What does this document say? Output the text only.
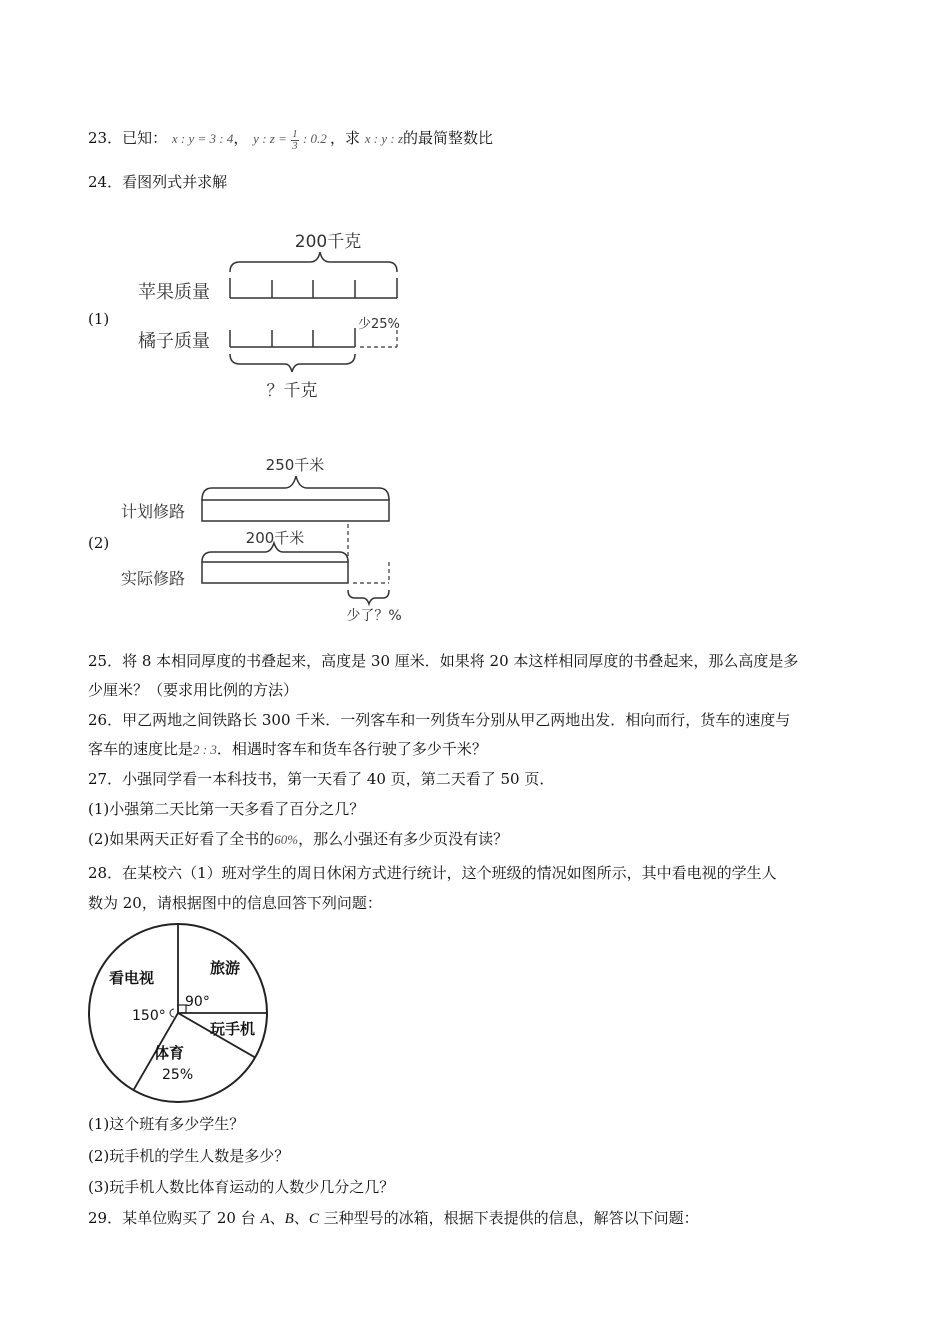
23．已知： x : y = 3 : 4， y : $z = \frac{1}{3}$ : 0.2 ，求 x : y : z的最简整数比
24．看图列式并求解
(1)
200千克
苹果质量
橘子质量
少25%
？千克
(2)
250千米
计划修路
200千米
实际修路
少了？%
25．将 8 本相同厚度的书叠起来，高度是 30 厘米．如果将 20 本这样相同厚度的书叠起来，那么高度是多
少厘米？（要求用比例的方法）
26．甲乙两地之间铁路长 300 千米．一列客车和一列货车分别从甲乙两地出发．相向而行，货车的速度与
客车的速度比是2 : 3．相遇时客车和货车各行驶了多少千米？
27．小强同学看一本科技书，第一天看了 40 页，第二天看了 50 页．
(1)小强第二天比第一天多看了百分之几？
(2)如果两天正好看了全书的60%，那么小强还有多少页没有读？
28．在某校六（1）班对学生的周日休闲方式进行统计，这个班级的情况如图所示，其中看电视的学生人
数为 20，请根据图中的信息回答下列问题：
旅游
90°
玩手机
体育
25%
看电视
150°
(1)这个班有多少学生？
(2)玩手机的学生人数是多少？
(3)玩手机人数比体育运动的人数少几分之几？
29．某单位购买了 20 台 A、B、C 三种型号的冰箱，根据下表提供的信息，解答以下问题：
